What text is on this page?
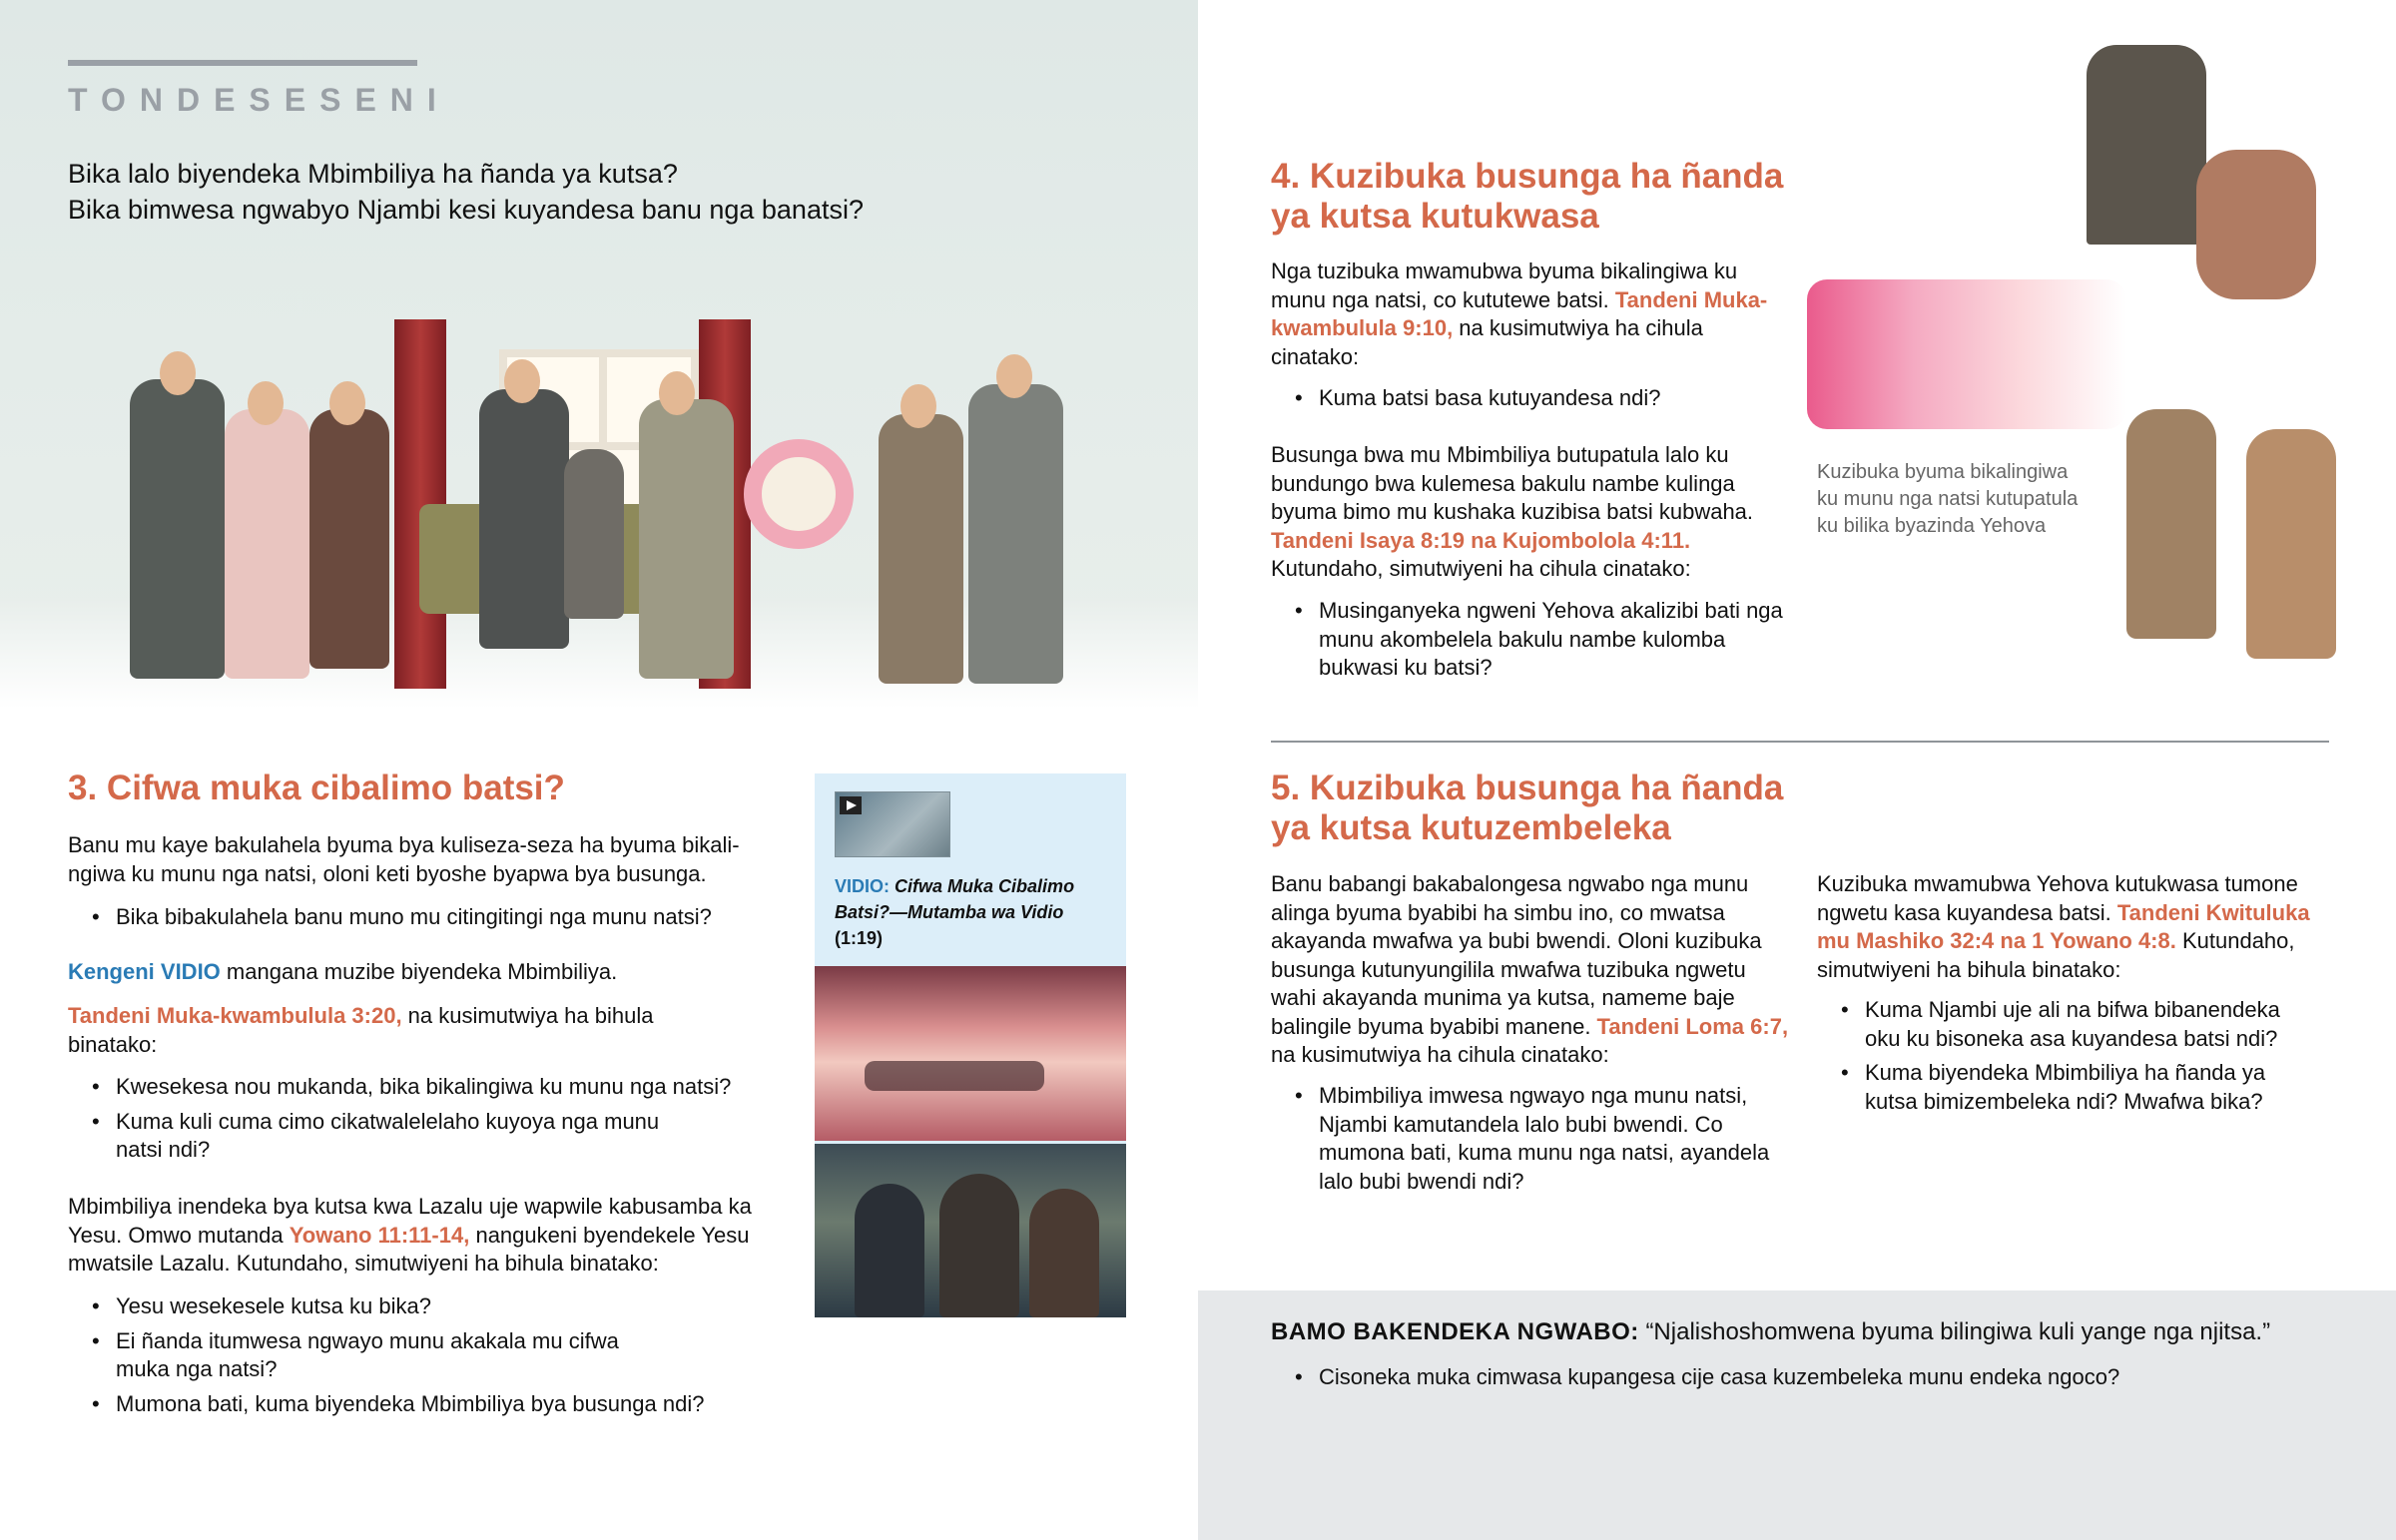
TONDESESENI
Bika lalo biyendeka Mbimbiliya ha ñanda ya kutsa?
Bika bimwesa ngwabyo Njambi kesi kuyandesa banu nga banatsi?
3. Cifwa muka cibalimo batsi?
Banu mu kaye bakulahela byuma bya kuliseza-seza ha byuma bikali- ngiwa ku munu nga natsi, oloni keti byoshe byapwa bya busunga.
• Bika bibakulahela banu muno mu citingitingi nga munu natsi?
Kengeni VIDIO mangana muzibe biyendeka Mbimbiliya.
Tandeni Muka-kwambulula 3:20, na kusimutwiya ha bihula binatako:
• Kwesekesa nou mukanda, bika bikalingiwa ku munu nga natsi?
• Kuma kuli cuma cimo cikatwalelelaho kuyoya nga munu natsi ndi?
Mbimbiliya inendeka bya kutsa kwa Lazalu uje wapwile kabusamba ka Yesu. Omwo mutanda Yowano 11:11-14, nangukeni byendekele Yesu mwatsile Lazalu. Kutundaho, simutwiyeni ha bihula binatako:
• Yesu wesekesele kutsa ku bika?
• Ei ñanda itumwesa ngwayo munu akakala mu cifwa muka nga natsi?
• Mumona bati, kuma biyendeka Mbimbiliya bya busunga ndi?
VIDIO: Cifwa Muka Cibalimo Batsi?—Mutamba wa Vidio (1:19)
4. Kuzibuka busunga ha ñanda
ya kutsa kutukwasa
Nga tuzibuka mwamubwa byuma bikalingiwa ku munu nga natsi, co kututewe batsi. Tandeni Muka-kwambulula 9:10, na kusimutwiya ha cihula cinatako:
• Kuma batsi basa kutuyandesa ndi?
Busunga bwa mu Mbimbiliya butupatula lalo ku bundungo bwa kulemesa bakulu nambe kulinga byuma bimo mu kushaka kuzibisa batsi kubwaha. Tandeni Isaya 8:19 na Kujombolola 4:11. Kutundaho, simutwiyeni ha cihula cinatako:
• Musinganyeka ngweni Yehova akalizibi bati nga munu akombelela bakulu nambe kulomba bukwasi ku batsi?
Kuzibuka byuma bikalingiwa ku munu nga natsi kutupatula ku bilika byazinda Yehova
5. Kuzibuka busunga ha ñanda
ya kutsa kutuzembeleka
Banu babangi bakabalongesa ngwabo nga munu alinga byuma byabibi ha simbu ino, co mwatsa akayanda mwafwa ya bubi bwendi. Oloni kuzibuka busunga kutunyungilila mwafwa tuzibuka ngwetu wahi akayanda munima ya kutsa, nameme baje balingile byuma byabibi manene. Tandeni Loma 6:7, na kusimutwiya ha cihula cinatako:
• Mbimbiliya imwesa ngwayo nga munu natsi, Njambi kamutandela lalo bubi bwendi. Co mumona bati, kuma munu nga natsi, ayandela lalo bubi bwendi ndi?
Kuzibuka mwamubwa Yehova kutukwasa tumone ngwetu kasa kuyandesa batsi. Tandeni Kwituluka mu Mashiko 32:4 na 1 Yowano 4:8. Kutundaho, simutwiyeni ha bihula binatako:
• Kuma Njambi uje ali na bifwa bibanendeka oku ku bisoneka asa kuyandesa batsi ndi?
• Kuma biyendeka Mbimbiliya ha ñanda ya kutsa bimizembeleka ndi? Mwafwa bika?
BAMO BAKENDEKA NGWABO: “Njalishoshomwena byuma bilingiwa kuli yange nga njitsa.”
• Cisoneka muka cimwasa kupangesa cije casa kuzembeleka munu endeka ngoco?
